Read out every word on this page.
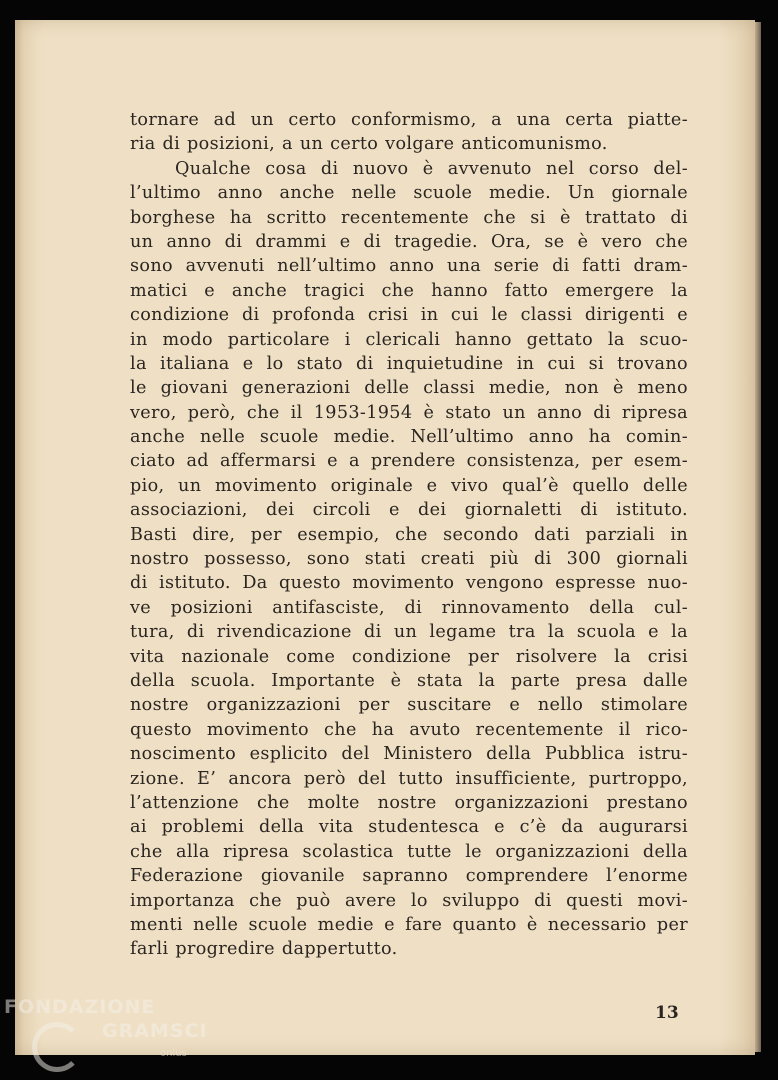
tornare ad un certo conformismo, a una certa piatte-
ria di posizioni, a un certo volgare anticomunismo.
Qualche cosa di nuovo è avvenuto nel corso del-
l’ultimo anno anche nelle scuole medie. Un giornale
borghese ha scritto recentemente che si è trattato di
un anno di drammi e di tragedie. Ora, se è vero che
sono avvenuti nell’ultimo anno una serie di fatti dram-
matici e anche tragici che hanno fatto emergere la
condizione di profonda crisi in cui le classi dirigenti e
in modo particolare i clericali hanno gettato la scuo-
la italiana e lo stato di inquietudine in cui si trovano
le giovani generazioni delle classi medie, non è meno
vero, però, che il 1953-1954 è stato un anno di ripresa
anche nelle scuole medie. Nell’ultimo anno ha comin-
ciato ad affermarsi e a prendere consistenza, per esem-
pio, un movimento originale e vivo qual’è quello delle
associazioni, dei circoli e dei giornaletti di istituto.
Basti dire, per esempio, che secondo dati parziali in
nostro possesso, sono stati creati più di 300 giornali
di istituto. Da questo movimento vengono espresse nuo-
ve posizioni antifasciste, di rinnovamento della cul-
tura, di rivendicazione di un legame tra la scuola e la
vita nazionale come condizione per risolvere la crisi
della scuola. Importante è stata la parte presa dalle
nostre organizzazioni per suscitare e nello stimolare
questo movimento che ha avuto recentemente il rico-
noscimento esplicito del Ministero della Pubblica istru-
zione. E’ ancora però del tutto insufficiente, purtroppo,
l’attenzione che molte nostre organizzazioni prestano
ai problemi della vita studentesca e c’è da augurarsi
che alla ripresa scolastica tutte le organizzazioni della
Federazione giovanile sapranno comprendere l’enorme
importanza che può avere lo sviluppo di questi movi-
menti nelle scuole medie e fare quanto è necessario per
farli progredire dappertutto.
13
FONDAZIONE
GRAMSCI
onlus
